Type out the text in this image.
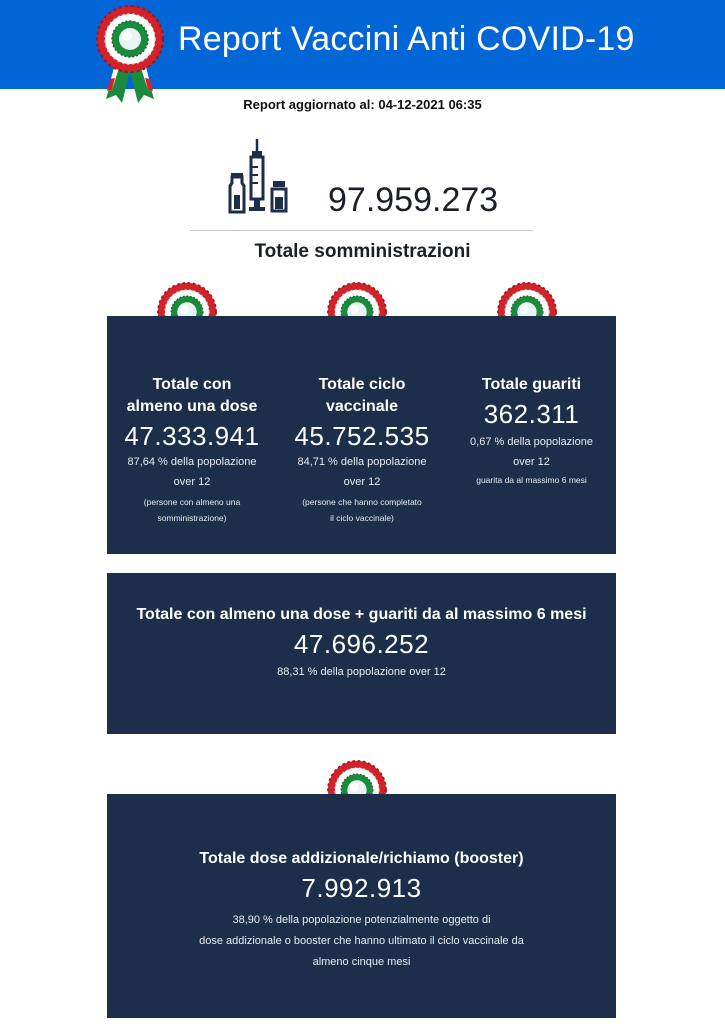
Report Vaccini Anti COVID-19
Report aggiornato al: 04-12-2021 06:35
97.959.273
Totale somministrazioni
Totale con
almeno una dose
47.333.941
87,64 % della popolazione
over 12
(persone con almeno una
somministrazione)
Totale ciclo
vaccinale
45.752.535
84,71 % della popolazione
over 12
(persone che hanno completato
il ciclo vaccinale)
Totale guariti
362.311
0,67 % della popolazione
over 12
guarita da al massimo 6 mesi
Totale con almeno una dose + guariti da al massimo 6 mesi
47.696.252
88,31 % della popolazione over 12
Totale dose addizionale/richiamo (booster)
7.992.913
38,90 % della popolazione potenzialmente oggetto di
dose addizionale o booster che hanno ultimato il ciclo vaccinale da
almeno cinque mesi
